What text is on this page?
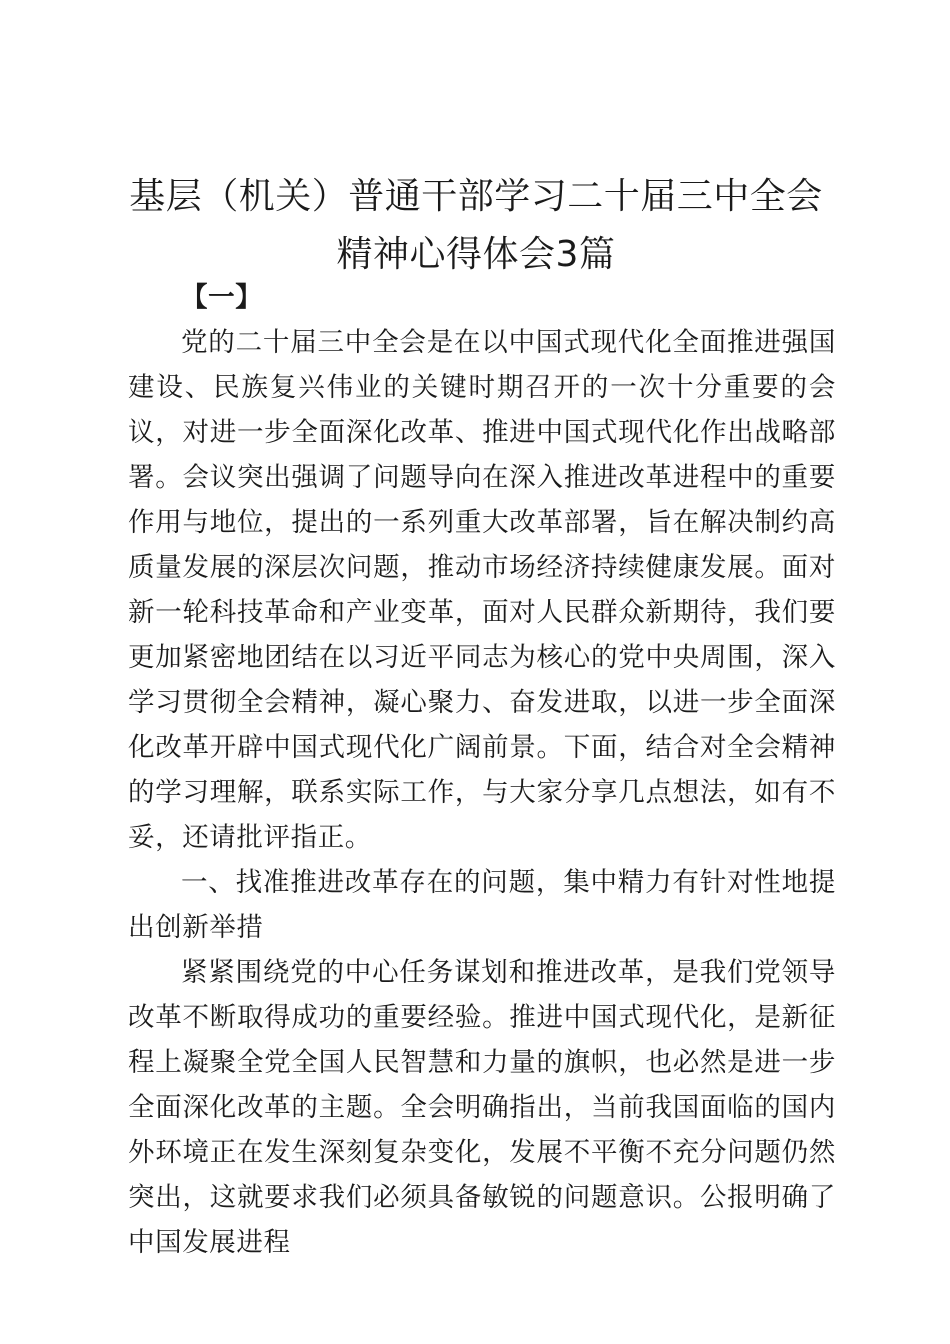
基层（机关）普通干部学习二十届三中全会精神心得体会3篇

【一】

党的二十届三中全会是在以中国式现代化全面推进强国建设、民族复兴伟业的关键时期召开的一次十分重要的会议，对进一步全面深化改革、推进中国式现代化作出战略部署。会议突出强调了问题导向在深入推进改革进程中的重要作用与地位，提出的一系列重大改革部署，旨在解决制约高质量发展的深层次问题，推动市场经济持续健康发展。面对新一轮科技革命和产业变革，面对人民群众新期待，我们要更加紧密地团结在以习近平同志为核心的党中央周围，深入学习贯彻全会精神，凝心聚力、奋发进取，以进一步全面深化改革开辟中国式现代化广阔前景。下面，结合对全会精神的学习理解，联系实际工作，与大家分享几点想法，如有不妥，还请批评指正。

一、找准推进改革存在的问题，集中精力有针对性地提出创新举措

紧紧围绕党的中心任务谋划和推进改革，是我们党领导改革不断取得成功的重要经验。推进中国式现代化，是新征程上凝聚全党全国人民智慧和力量的旗帜，也必然是进一步全面深化改革的主题。全会明确指出，当前我国面临的国内外环境正在发生深刻复杂变化，发展不平衡不充分问题仍然突出，这就要求我们必须具备敏锐的问题意识。公报明确了中国发展进程
